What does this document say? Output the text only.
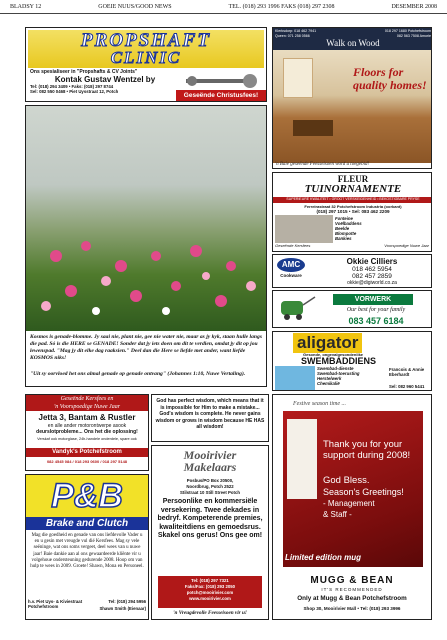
BLADSY 12	GOEIE NUUS/GOOD NEWS	TEL. (018) 293 1996 FAKS (018) 297 2308	DESEMBER 2008
PROPSHAFT
CLINIC
Ons spesialiseer in "Propshafts & CV Joints"
Kontak Gustav Wentzel by
Tel: (018) 294 3409 • Faks: (018) 297 8744
Sel: 082 550 0468 • Piet Uysstraat 12, Potch
Geseënde Christusfees!
Klerksdorp: 018 462 7941
Queen: 071 258 0566
018 297 1680 Potchefstroom
082 563 7508 Amorie
Walk on Wood
Floors for quality homes!
'n Baie geseënde Feesseisoen word u toegebid!
Kosmos is genade-blomme. Jy saai nie, plant nie, gee nie water nie, maar as jy kyk, staan hulle langs die pad. Só is die HERE se GENADE! Sonder dat jy iets doen om dit te verdien, omdat jy dit op jou lewenspad. "Mag jy dit elke dag raaksien." Deel dan die Here se liefde met ander, want liefde KOSMOS niks!
"Uit sy oorvloed het ons almal genade op genade ontvang" (Johannes 1:10, Nuwe Vertaling).
FLEUR
TUINORNAMENTE
SUPERIEURE KWALITEIT • GROOT VERSKEIDENHEID • BEKOSTIGBARE PRYSE
Ferreirastraat 32 Potchefstroom Industria (oorkant)
(018) 297 1015 • Sel: 083 462 2209
Fonteine
Voëlbaddens
Beelde
Blompotte
Bankies
Geseënde Kersfees	Voorspoedige Nuwe Jaar
AMC
Cookware
Okkie Cilliers
018 462 5954
082 457 2859
okkie@digiworld.co.za
VORWERK
Our best for your family
083 457 6184
aligator
Gesonde, ongevalgesondenlike
SWEMBADDIENS
Swembad-dienste
Swembad-toerusting
Herstelwerk
Chemikalië
Francois & Annie Eberhardt
Sel: 082 960 5441
Geseënde Kersfees en
'n Voorspoedige Nuwe Jaar
Jetta 3, Bantam & Rustler
en alle ander motorontwerpe asook
deurslotprobleme... Ons het die oplossing!
Verskaf ook motorglase, 24h-handele onderdele, spare ook
Vandyk's Potchefstroom
082 4545 084 / 018 293 0600 / 018 297 5148
P&B
Brake and Clutch
Mag die goedheid en genade van ons liefdevolle Vader u en u gesin met vreugde vul dié Kersfees. Mag sy vele seëninge, wat ons soms vergeet, deel wees van u nuwe jaar! Baie dankie aan al ons gewaardeerde kliënte vir u volgehoue ondersteuning gedurende 2008. Hoop om van hulp te wees in 2009. Groete! Shawn, Mona en Personeel.
h.v. Piet Uys- & Kiviestraat Potchefstroom
Tel: (018) 294 5956
Shawn Smith (Eienaar)
God has perfect wisdom, which means that it is impossible for Him to make a mistake... God's wisdom is complete. He never gains wisdom or grows in wisdom because HE HAS all wisdom!
Mooirivier
Makelaars
Posbus/PO Box 20500,
Noordbrug, Potch 2522
Stilstraat 10 Still Street Potch
Persoonlike en kommersiële versekering. Twee dekades in bedryf. Kompeterende premies, kwaliteitdiens en gemoedsrus. Skakel ons gerus! Ons gee om!
Tel: (018) 297 7321
Faks/Fax: (018) 293 2050
potch@mooirivier.com
www.mooirivier.com
'n Vreugdevolle Feesseisoen vir u!
Festive season time ...
Thank you for your support during 2008!
God Bless.
Season's Greetings!
- Management
& Staff -
Limited edition mug
MUGG & BEAN
IT'S RECOMMENDED
Only at Mugg & Bean Potchefstroom
Shop 30, Mooirivier Mall • Tel: (018) 293 3996
